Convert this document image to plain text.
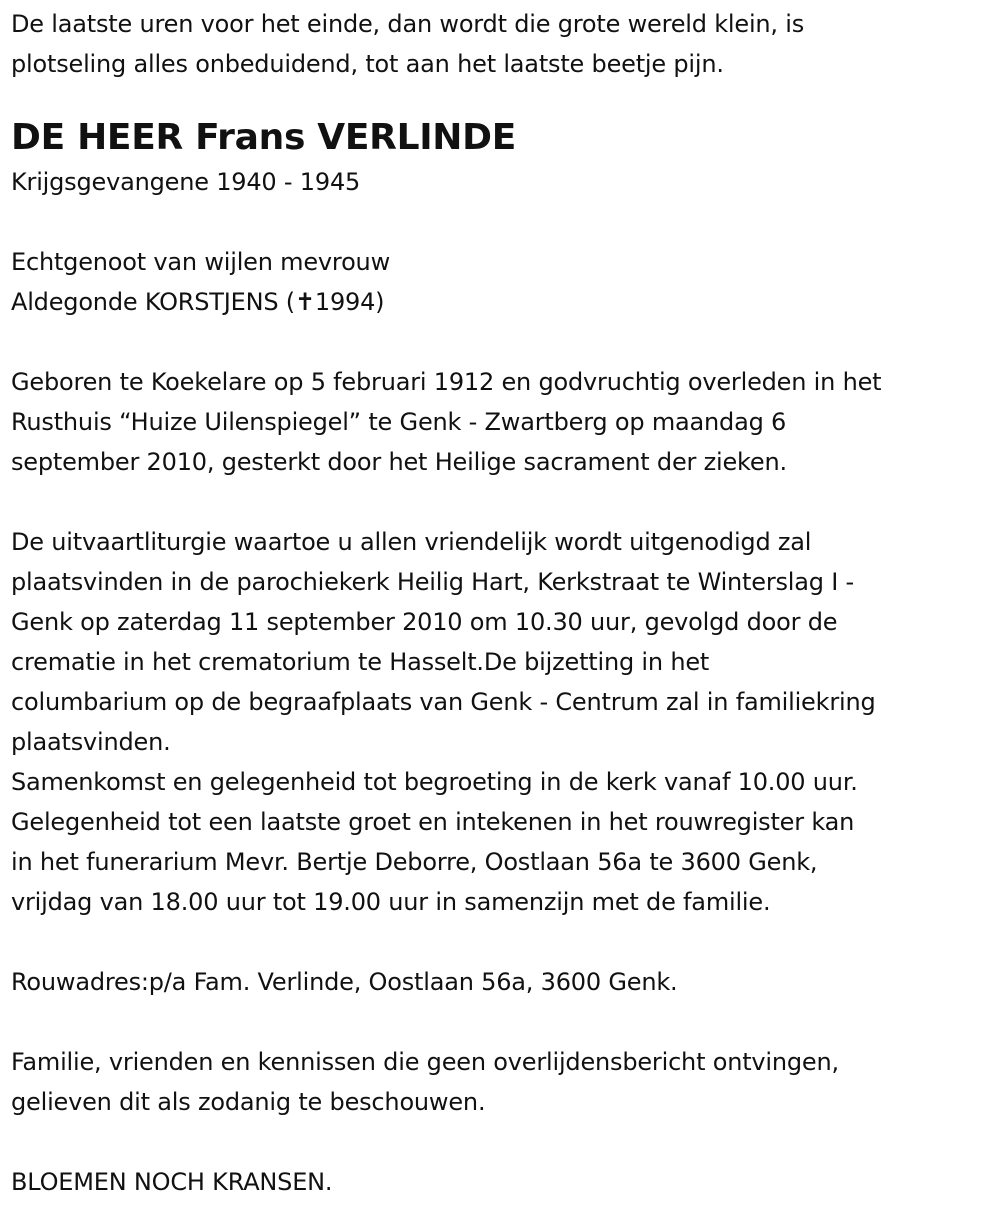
De laatste uren voor het einde, dan wordt die grote wereld klein, is

plotseling alles onbeduidend, tot aan het laatste beetje pijn.

DE HEER Frans VERLINDE

Krijgsgevangene 1940 - 1945

Echtgenoot van wijlen mevrouw

Aldegonde KORSTJENS (✝1994)

Geboren te Koekelare op 5 februari 1912 en godvruchtig overleden in het

Rusthuis “Huize Uilenspiegel” te Genk - Zwartberg op maandag 6

september 2010, gesterkt door het Heilige sacrament der zieken.

De uitvaartliturgie waartoe u allen vriendelijk wordt uitgenodigd zal

plaatsvinden in de parochiekerk Heilig Hart, Kerkstraat te Winterslag I -

Genk op zaterdag 11 september 2010 om 10.30 uur, gevolgd door de

crematie in het crematorium te Hasselt.De bijzetting in het

columbarium op de begraafplaats van Genk - Centrum zal in familiekring

plaatsvinden.

Samenkomst en gelegenheid tot begroeting in de kerk vanaf 10.00 uur.

Gelegenheid tot een laatste groet en intekenen in het rouwregister kan

in het funerarium Mevr. Bertje Deborre, Oostlaan 56a te 3600 Genk,

vrijdag van 18.00 uur tot 19.00 uur in samenzijn met de familie.

Rouwadres:p/a Fam. Verlinde, Oostlaan 56a, 3600 Genk.

Familie, vrienden en kennissen die geen overlijdensbericht ontvingen,

gelieven dit als zodanig te beschouwen.

BLOEMEN NOCH KRANSEN.
